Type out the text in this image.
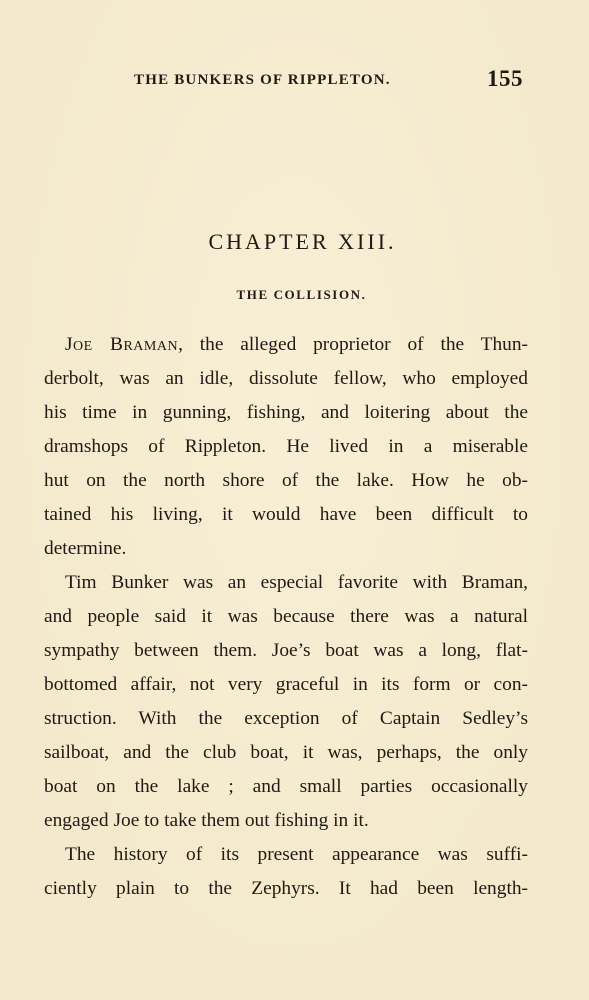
THE BUNKERS OF RIPPLETON.	155
CHAPTER XIII.
THE COLLISION.
Joe Braman, the alleged proprietor of the Thun-
derbolt, was an idle, dissolute fellow, who employed
his time in gunning, fishing, and loitering about the
dramshops of Rippleton. He lived in a miserable
hut on the north shore of the lake. How he ob-
tained his living, it would have been difficult to
determine.
Tim Bunker was an especial favorite with Braman,
and people said it was because there was a natural
sympathy between them. Joe’s boat was a long, flat-
bottomed affair, not very graceful in its form or con-
struction. With the exception of Captain Sedley’s
sailboat, and the club boat, it was, perhaps, the only
boat on the lake ; and small parties occasionally
engaged Joe to take them out fishing in it.
The history of its present appearance was suffi-
ciently plain to the Zephyrs. It had been length-
